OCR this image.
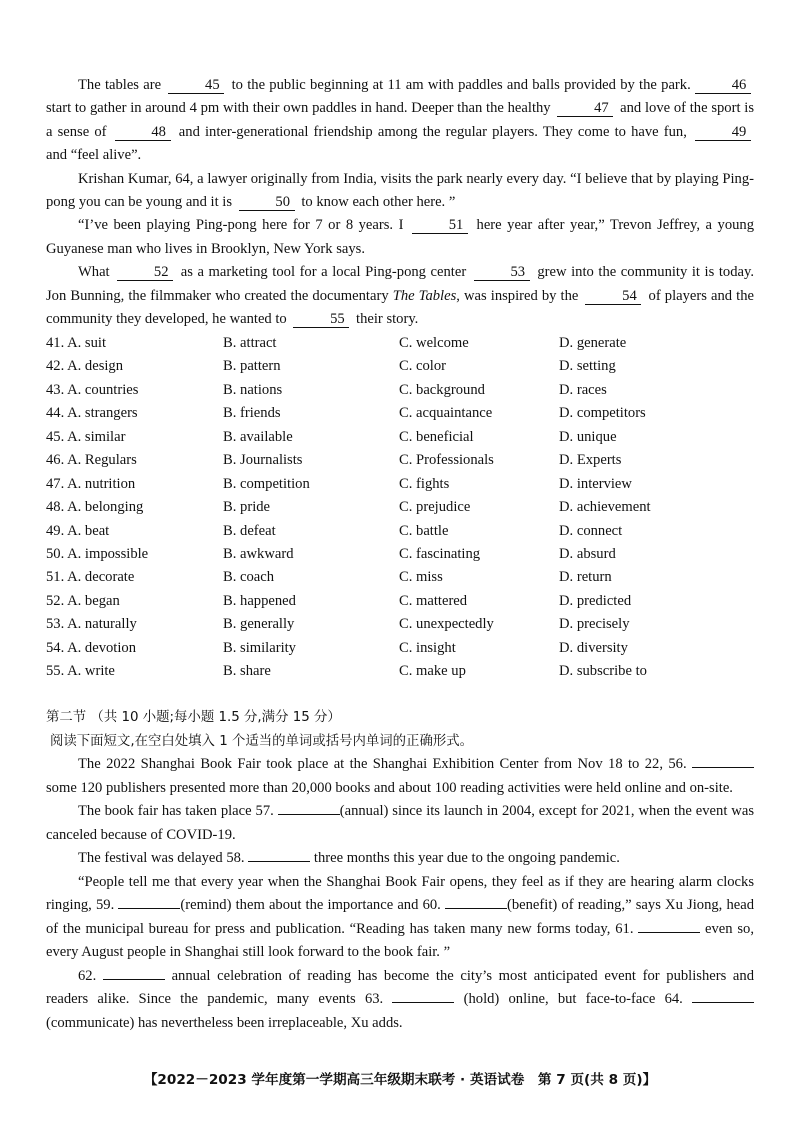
The tables are	45 to the public beginning at 11 am with paddles and balls provided by the park.	46 start to gather in around 4 pm with their own paddles in hand. Deeper than the healthy	47 and love of the sport is a sense of	48 and inter-generational friendship among the regular players. They come to have fun,	49 and “feel alive”.

Krishan Kumar, 64, a lawyer originally from India, visits the park nearly every day. “I believe that by playing Ping-pong you can be young and it is	50 to know each other here. ”

“I’ve been playing Ping-pong here for 7 or 8 years. I	51 here year after year,” Trevon Jeffrey, a young Guyanese man who lives in Brooklyn, New York says.

What	52 as a marketing tool for a local Ping-pong center	53 grew into the community it is today. Jon Bunning, the filmmaker who created the documentary The Tables, was inspired by the	54 of players and the community they developed, he wanted to	55 their story.

41. A. suit	B. attract	C. welcome	D. generate
42. A. design	B. pattern	C. color	D. setting
43. A. countries	B. nations	C. background	D. races
44. A. strangers	B. friends	C. acquaintance	D. competitors
45. A. similar	B. available	C. beneficial	D. unique
46. A. Regulars	B. Journalists	C. Professionals	D. Experts
47. A. nutrition	B. competition	C. fights	D. interview
48. A. belonging	B. pride	C. prejudice	D. achievement
49. A. beat	B. defeat	C. battle	D. connect
50. A. impossible	B. awkward	C. fascinating	D. absurd
51. A. decorate	B. coach	C. miss	D. return
52. A. began	B. happened	C. mattered	D. predicted
53. A. naturally	B. generally	C. unexpectedly	D. precisely
54. A. devotion	B. similarity	C. insight	D. diversity
55. A. write	B. share	C. make up	D. subscribe to

第二节 （共 10 小题;每小题 1.5 分,满分 15 分）

阅读下面短文,在空白处填入 1 个适当的单词或括号内单词的正确形式。

The 2022 Shanghai Book Fair took place at the Shanghai Exhibition Center from Nov 18 to 22, 56.  some 120 publishers presented more than 20,000 books and about 100 reading activities were held online and on-site.

The book fair has taken place 57.	(annual) since its launch in 2004, except for 2021, when the event was canceled because of COVID-19.

The festival was delayed 58.	three months this year due to the ongoing pandemic.

“People tell me that every year when the Shanghai Book Fair opens, they feel as if they are hearing alarm clocks ringing, 59.	(remind) them about the importance and 60.	(benefit) of reading,” says Xu Jiong, head of the municipal bureau for press and publication. “Reading has taken many new forms today, 61.	even so, every August people in Shanghai still look forward to the book fair. ”

62.	annual celebration of reading has become the city’s most anticipated event for publishers and readers alike. Since the pandemic, many events 63.	(hold) online, but face-to-face 64. (communicate) has nevertheless been irreplaceable, Xu adds.

【2022－2023 学年度第一学期高三年级期末联考 · 英语试卷　第 7 页(共 8 页)】
